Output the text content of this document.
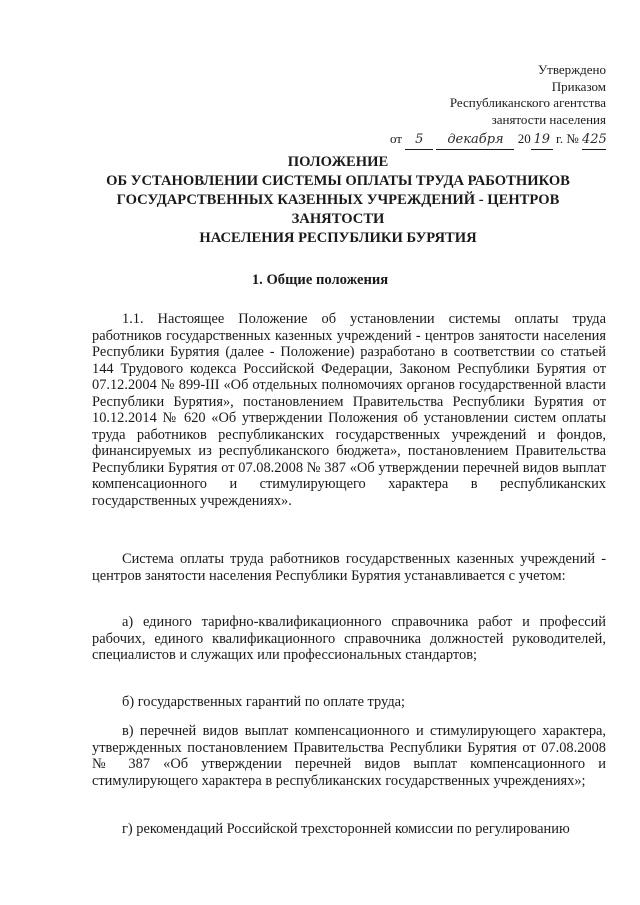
Утверждено
Приказом
Республиканского агентства
занятости населения
от 5 декабря 20 19 г. № 425
ПОЛОЖЕНИЕ
ОБ УСТАНОВЛЕНИИ СИСТЕМЫ ОПЛАТЫ ТРУДА РАБОТНИКОВ
ГОСУДАРСТВЕННЫХ КАЗЕННЫХ УЧРЕЖДЕНИЙ - ЦЕНТРОВ
ЗАНЯТОСТИ
НАСЕЛЕНИЯ РЕСПУБЛИКИ БУРЯТИЯ
1. Общие положения
1.1. Настоящее Положение об установлении системы оплаты труда работников государственных казенных учреждений - центров занятости населения Республики Бурятия (далее - Положение) разработано в соответствии со статьей 144 Трудового кодекса Российской Федерации, Законом Республики Бурятия от 07.12.2004 № 899-III «Об отдельных полномочиях органов государственной власти Республики Бурятия», постановлением Правительства Республики Бурятия от 10.12.2014 № 620 «Об утверждении Положения об установлении систем оплаты труда работников республиканских государственных учреждений и фондов, финансируемых из республиканского бюджета», постановлением Правительства Республики Бурятия от 07.08.2008 № 387 «Об утверждении перечней видов выплат компенсационного и стимулирующего характера в республиканских государственных учреждениях».
Система оплаты труда работников государственных казенных учреждений - центров занятости населения Республики Бурятия устанавливается с учетом:
а) единого тарифно-квалификационного справочника работ и профессий рабочих, единого квалификационного справочника должностей руководителей, специалистов и служащих или профессиональных стандартов;
б) государственных гарантий по оплате труда;
в) перечней видов выплат компенсационного и стимулирующего характера, утвержденных постановлением Правительства Республики Бурятия от 07.08.2008 № 387 «Об утверждении перечней видов выплат компенсационного и стимулирующего характера в республиканских государственных учреждениях»;
г) рекомендаций Российской трехсторонней комиссии по регулированию
